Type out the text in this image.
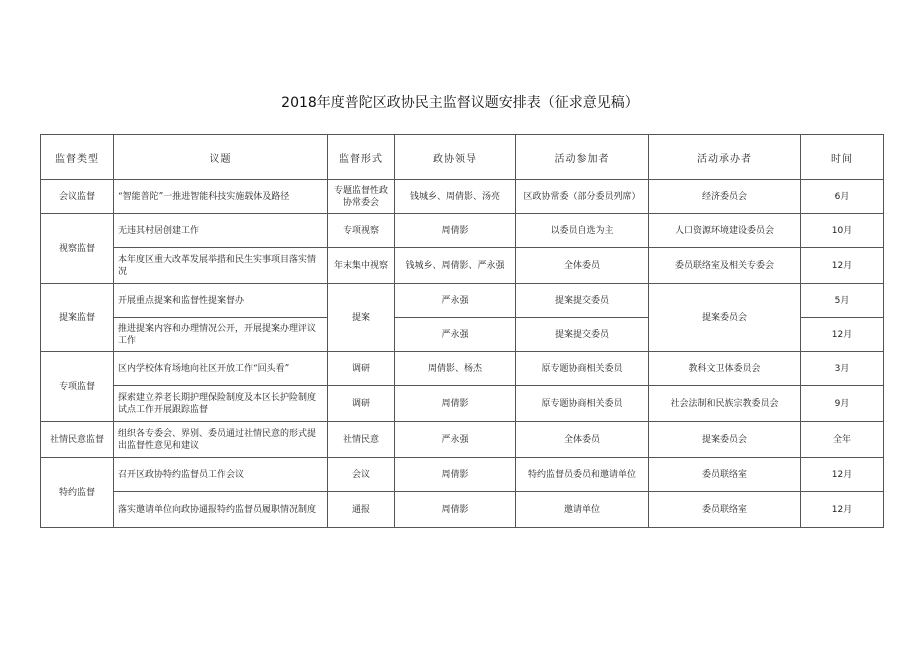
2018年度普陀区政协民主监督议题安排表（征求意见稿）
监督类型	议题	监督形式	政协领导	活动参加者	活动承办者	时间
会议监督	“智能普陀”一推进智能科技实施载体及路径	专题监督性政协常委会	钱城乡、周倩影、汤亮	区政协常委（部分委员列席）	经济委员会	6月
视察监督	无违其村居创建工作	专项视察	周倩影	以委员自选为主	人口资源环境建设委员会	10月
	本年度区重大改革发展举措和民生实事项目落实情况	年末集中视察	钱城乡、周倩影、严永强	全体委员	委员联络室及相关专委会	12月
提案监督	开展重点提案和监督性提案督办	提案	严永强	提案提交委员	提案委员会	5月
	推进提案内容和办理情况公开，开展提案办理评议工作		严永强	提案提交委员		12月
专项监督	区内学校体育场地向社区开放工作“回头看”	调研	周倩影、杨杰	原专题协商相关委员	教科文卫体委员会	3月
	探索建立养老长期护理保险制度及本区长护险制度试点工作开展跟踪监督	调研	周倩影	原专题协商相关委员	社会法制和民族宗教委员会	9月
社情民意监督	组织各专委会、界别、委员通过社情民意的形式提出监督性意见和建议	社情民意	严永强	全体委员	提案委员会	全年
特约监督	召开区政协特约监督员工作会议	会议	周倩影	特约监督员委员和邀请单位	委员联络室	12月
	落实邀请单位向政协通报特约监督员履职情况制度	通报	周倩影	邀请单位	委员联络室	12月
